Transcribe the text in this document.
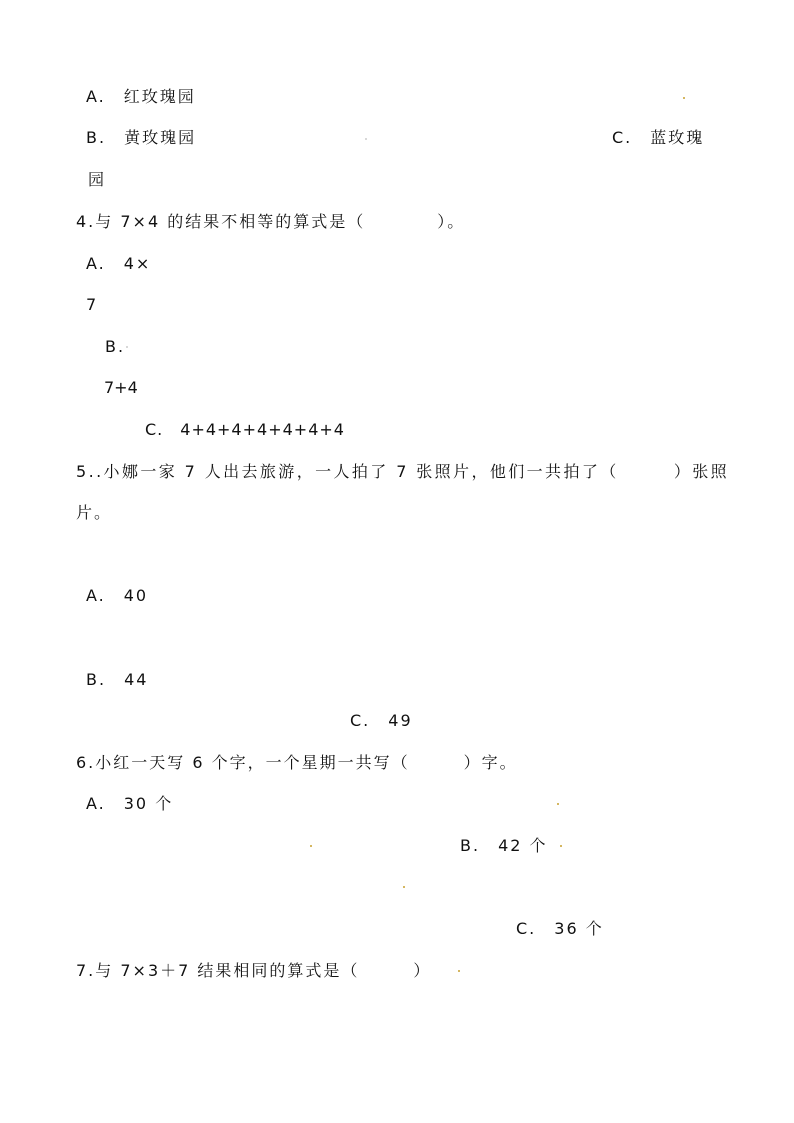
A.　红玫瑰园
B.　黄玫瑰园	C.　蓝玫瑰
园
4.与 7×4 的结果不相等的算式是（　　　　）。
A.　4×
7
B.
7+4
C.　4+4+4+4+4+4+4
5..小娜一家 7 人出去旅游，一人拍了 7 张照片，他们一共拍了（　　　）张照
片。
A.　40
B.　44
C.　49
6.小红一天写 6 个字，一个星期一共写（　　　）字。
A.　30 个
B.　42 个
C.　36 个
7.与 7×3＋7 结果相同的算式是（　　　）
